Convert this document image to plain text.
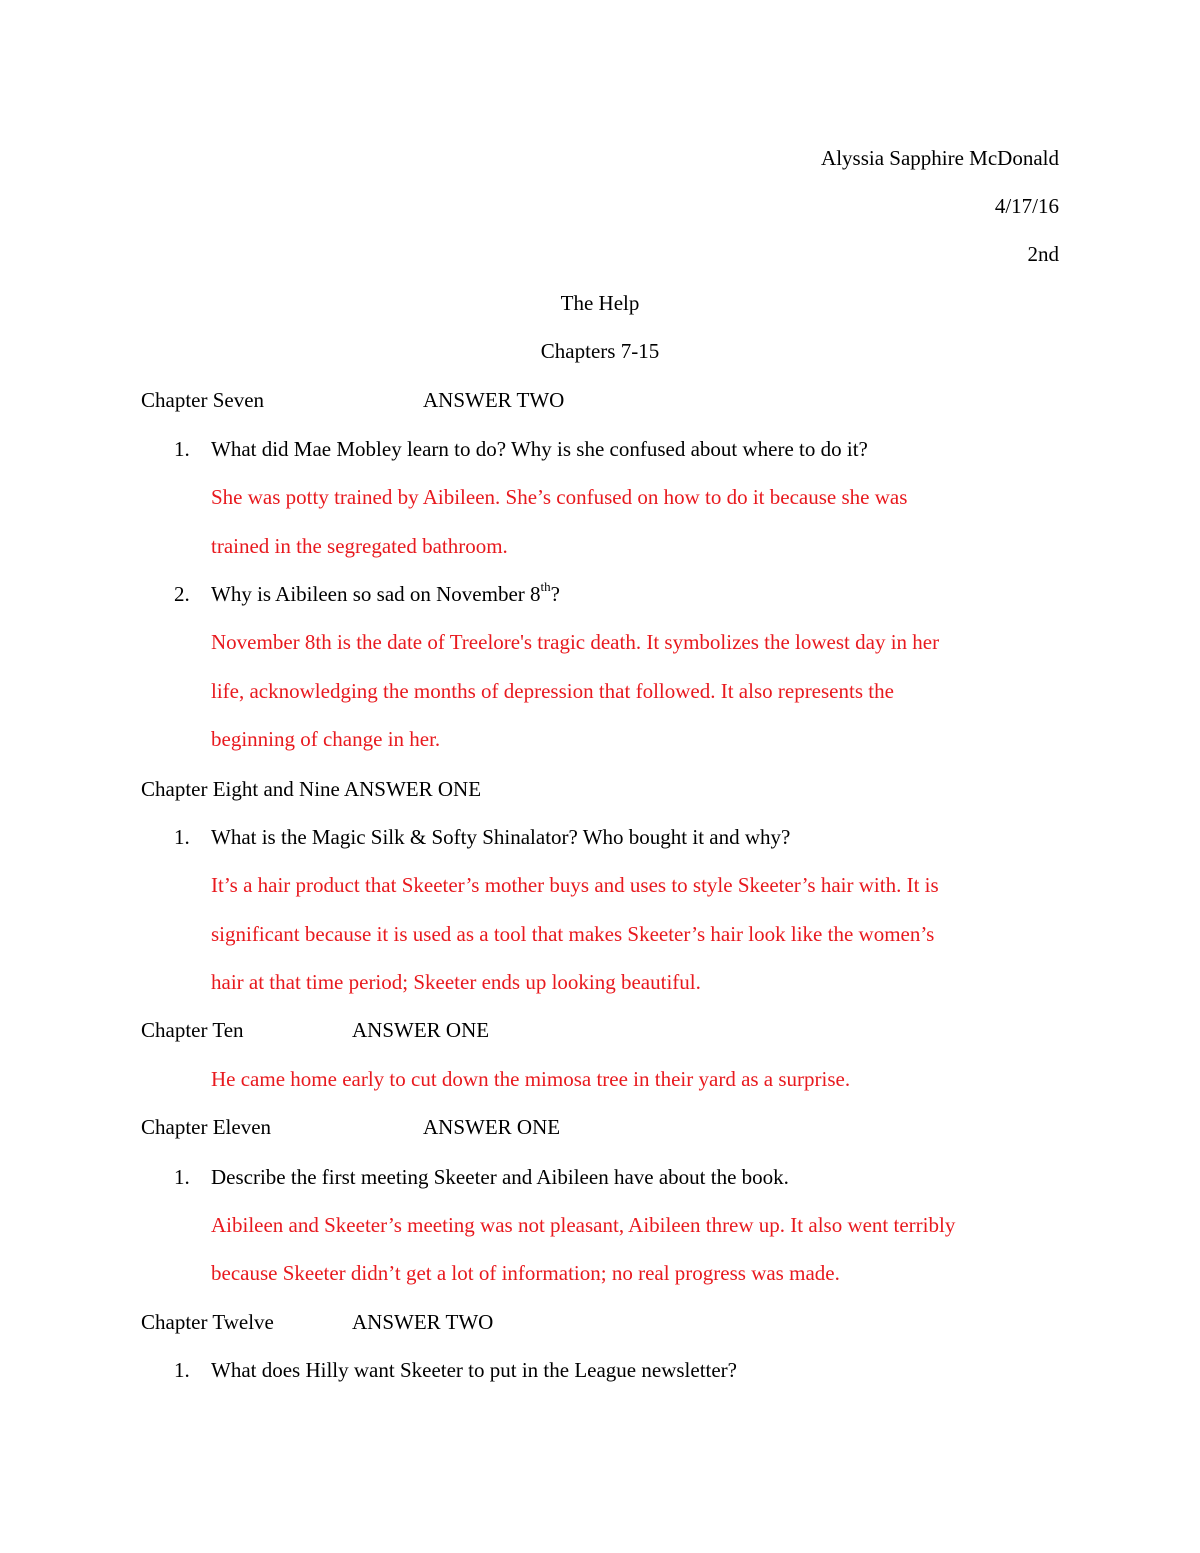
Alyssia Sapphire McDonald
4/17/16
2nd
The Help
Chapters 7-15
Chapter Seven	ANSWER TWO
1. What did Mae Mobley learn to do? Why is she confused about where to do it?
She was potty trained by Aibileen. She’s confused on how to do it because she was
trained in the segregated bathroom.
2. Why is Aibileen so sad on November 8th?
November 8th is the date of Treelore's tragic death. It symbolizes the lowest day in her
life, acknowledging the months of depression that followed. It also represents the
beginning of change in her.
Chapter Eight and Nine ANSWER ONE
1. What is the Magic Silk & Softy Shinalator? Who bought it and why?
It’s a hair product that Skeeter’s mother buys and uses to style Skeeter’s hair with. It is
significant because it is used as a tool that makes Skeeter’s hair look like the women’s
hair at that time period; Skeeter ends up looking beautiful.
Chapter Ten	ANSWER ONE
He came home early to cut down the mimosa tree in their yard as a surprise.
Chapter Eleven	ANSWER ONE
1. Describe the first meeting Skeeter and Aibileen have about the book.
Aibileen and Skeeter’s meeting was not pleasant, Aibileen threw up. It also went terribly
because Skeeter didn’t get a lot of information; no real progress was made.
Chapter Twelve	ANSWER TWO
1. What does Hilly want Skeeter to put in the League newsletter?
